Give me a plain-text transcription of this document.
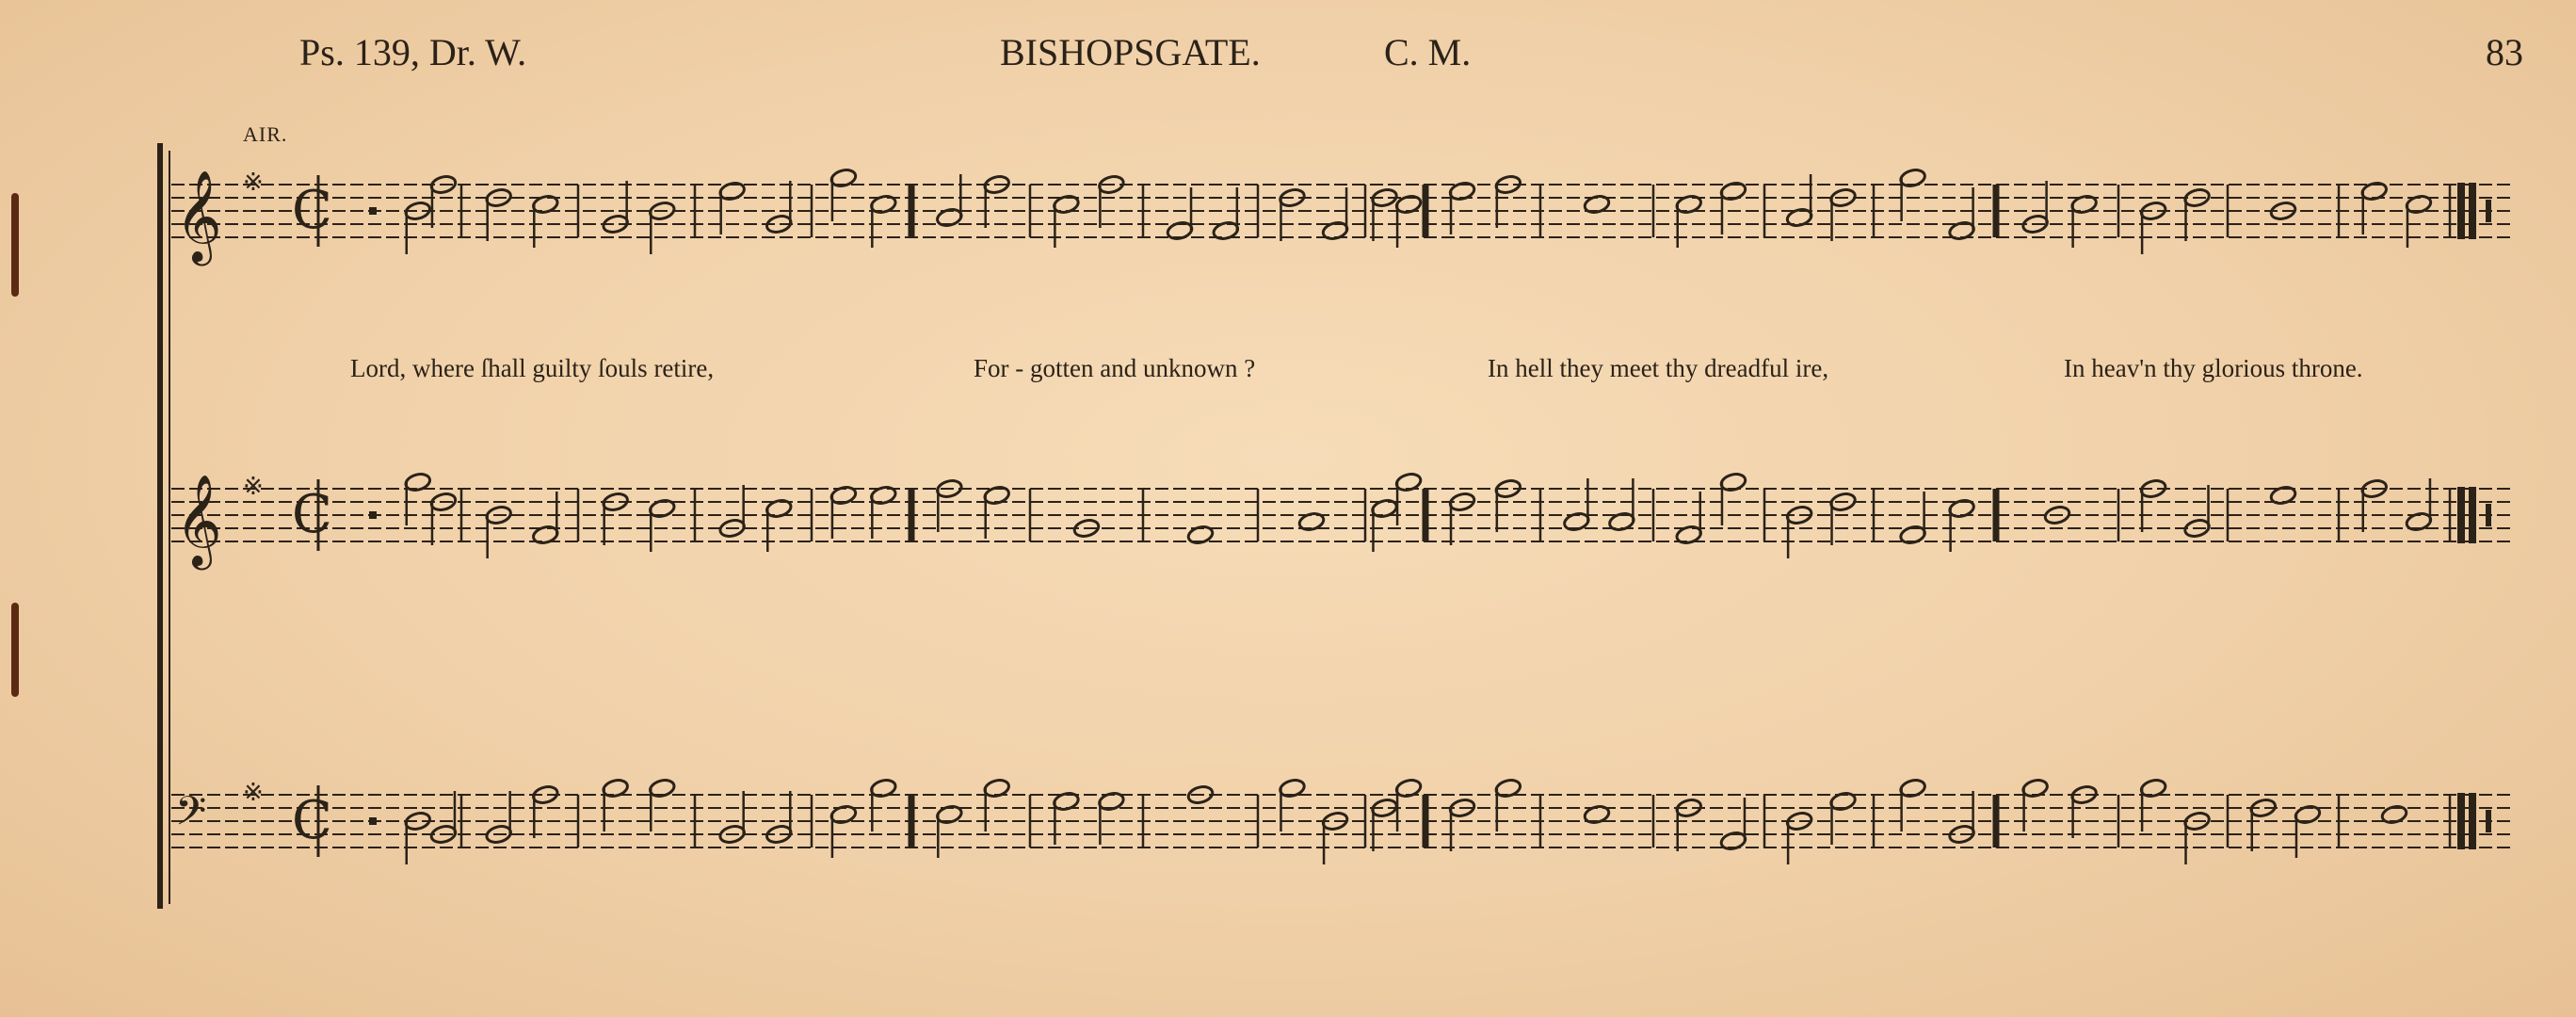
Ps. 139, Dr. W.	BISHOPSGATE.	C. M.	83
AIR.
Lord, where ſhall guilty ſouls retire,	For - gotten and unknown ?	In hell they meet thy dreadful ire,	In heav'n thy glorious throne.
𝄞 ※ C
𝄞 ※ C
𝄢 ※ C
